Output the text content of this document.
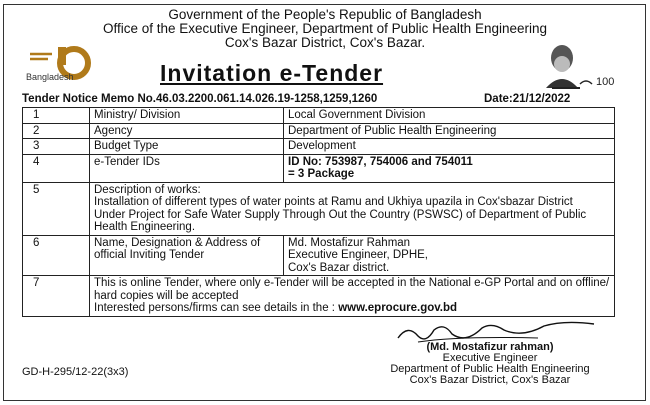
Government of the People's Republic of Bangladesh
Office of the Executive Engineer, Department of Public Health Engineering
Cox's Bazar District, Cox's Bazar.
Bangladesh	100
Invitation e-Tender
Tender Notice Memo No.46.03.2200.061.14.026.19-1258,1259,1260	Date:21/12/2022
1	Ministry/ Division	Local Government Division
2	Agency	Department of Public Health Engineering
3	Budget Type	Development
4	e-Tender IDs	ID No: 753987, 754006 and 754011
= 3 Package

5	Description of works:
Installation of different types of water points at Ramu and Ukhiya upazila in Cox'sbazar District Under Project for Safe Water Supply Through Out the Country (PSWSC) of Department of Public Health Engineering.	

6	Name, Designation & Address of official Inviting Tender	Md. Mostafizur Rahman
Executive Engineer, DPHE,
Cox's Bazar district.

7	This is online Tender, where only e-Tender will be accepted in the National e-GP Portal and on offline/ hard copies will be accepted
Interested persons/firms can see details in the : www.eprocure.gov.bd	
(Md. Mostafizur rahman)
Executive Engineer
Department of Public Health Engineering
Cox's Bazar District, Cox's Bazar
GD-H-295/12-22(3x3)
